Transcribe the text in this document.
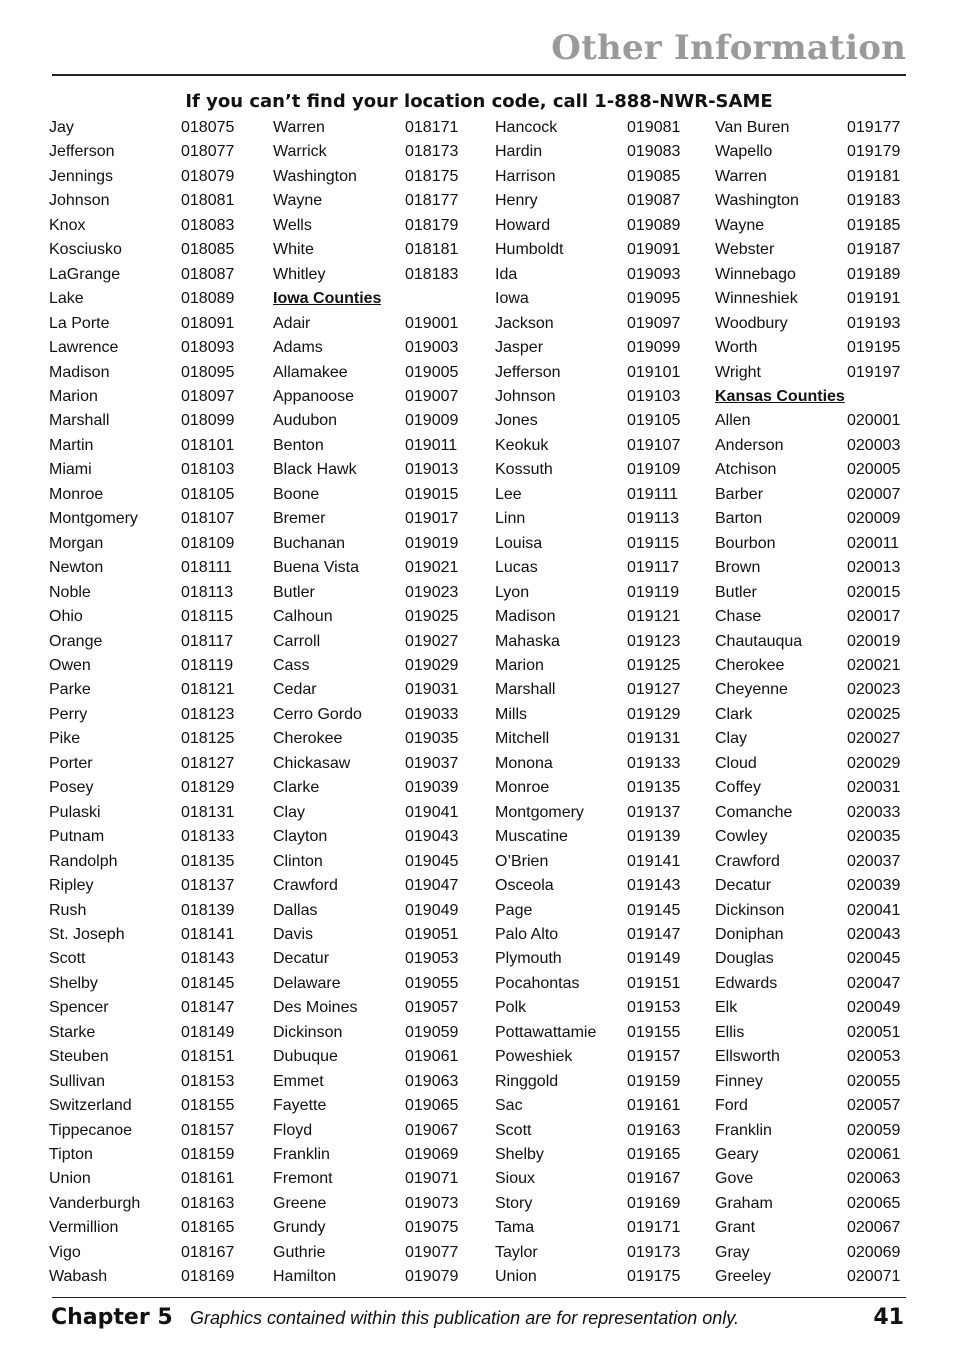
Other Information
If you can’t find your location code, call 1-888-NWR-SAME
Jay	018075
Jefferson	018077
Jennings	018079
Johnson	018081
Knox	018083
Kosciusko	018085
LaGrange	018087
Lake	018089
La Porte	018091
Lawrence	018093
Madison	018095
Marion	018097
Marshall	018099
Martin	018101
Miami	018103
Monroe	018105
Montgomery	018107
Morgan	018109
Newton	018111
Noble	018113
Ohio	018115
Orange	018117
Owen	018119
Parke	018121
Perry	018123
Pike	018125
Porter	018127
Posey	018129
Pulaski	018131
Putnam	018133
Randolph	018135
Ripley	018137
Rush	018139
St. Joseph	018141
Scott	018143
Shelby	018145
Spencer	018147
Starke	018149
Steuben	018151
Sullivan	018153
Switzerland	018155
Tippecanoe	018157
Tipton	018159
Union	018161
Vanderburgh	018163
Vermillion	018165
Vigo	018167
Wabash	018169
Warren	018171
Warrick	018173
Washington	018175
Wayne	018177
Wells	018179
White	018181
Whitley	018183
Iowa Counties
Adair	019001
Adams	019003
Allamakee	019005
Appanoose	019007
Audubon	019009
Benton	019011
Black Hawk	019013
Boone	019015
Bremer	019017
Buchanan	019019
Buena Vista	019021
Butler	019023
Calhoun	019025
Carroll	019027
Cass	019029
Cedar	019031
Cerro Gordo	019033
Cherokee	019035
Chickasaw	019037
Clarke	019039
Clay	019041
Clayton	019043
Clinton	019045
Crawford	019047
Dallas	019049
Davis	019051
Decatur	019053
Delaware	019055
Des Moines	019057
Dickinson	019059
Dubuque	019061
Emmet	019063
Fayette	019065
Floyd	019067
Franklin	019069
Fremont	019071
Greene	019073
Grundy	019075
Guthrie	019077
Hamilton	019079
Hancock	019081
Hardin	019083
Harrison	019085
Henry	019087
Howard	019089
Humboldt	019091
Ida	019093
Iowa	019095
Jackson	019097
Jasper	019099
Jefferson	019101
Johnson	019103
Jones	019105
Keokuk	019107
Kossuth	019109
Lee	019111
Linn	019113
Louisa	019115
Lucas	019117
Lyon	019119
Madison	019121
Mahaska	019123
Marion	019125
Marshall	019127
Mills	019129
Mitchell	019131
Monona	019133
Monroe	019135
Montgomery	019137
Muscatine	019139
O’Brien	019141
Osceola	019143
Page	019145
Palo Alto	019147
Plymouth	019149
Pocahontas	019151
Polk	019153
Pottawattamie	019155
Poweshiek	019157
Ringgold	019159
Sac	019161
Scott	019163
Shelby	019165
Sioux	019167
Story	019169
Tama	019171
Taylor	019173
Union	019175
Van Buren	019177
Wapello	019179
Warren	019181
Washington	019183
Wayne	019185
Webster	019187
Winnebago	019189
Winneshiek	019191
Woodbury	019193
Worth	019195
Wright	019197
Kansas Counties
Allen	020001
Anderson	020003
Atchison	020005
Barber	020007
Barton	020009
Bourbon	020011
Brown	020013
Butler	020015
Chase	020017
Chautauqua	020019
Cherokee	020021
Cheyenne	020023
Clark	020025
Clay	020027
Cloud	020029
Coffey	020031
Comanche	020033
Cowley	020035
Crawford	020037
Decatur	020039
Dickinson	020041
Doniphan	020043
Douglas	020045
Edwards	020047
Elk	020049
Ellis	020051
Ellsworth	020053
Finney	020055
Ford	020057
Franklin	020059
Geary	020061
Gove	020063
Graham	020065
Grant	020067
Gray	020069
Greeley	020071
Chapter 5 Graphics contained within this publication are for representation only.	41
